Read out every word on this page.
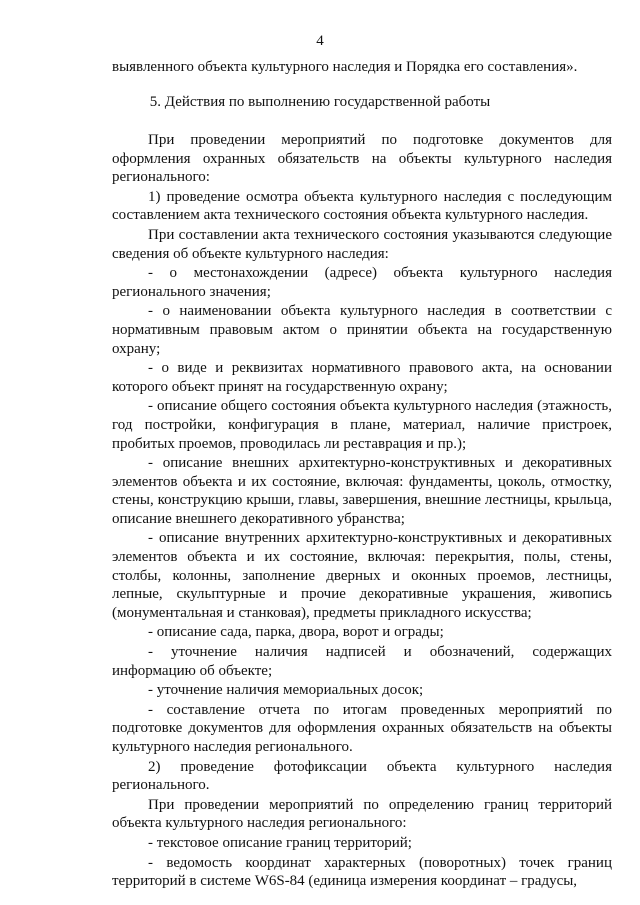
4
выявленного объекта культурного наследия и Порядка его составления».
5. Действия по выполнению государственной работы

При проведении мероприятий по подготовке документов для оформления охранных обязательств на объекты культурного наследия регионального:

1) проведение осмотра объекта культурного наследия с последующим составлением акта технического состояния объекта культурного наследия.

При составлении акта технического состояния указываются следующие сведения об объекте культурного наследия:

- о местонахождении (адресе) объекта культурного наследия регионального значения;

- о наименовании объекта культурного наследия в соответствии с нормативным правовым актом о принятии объекта на государственную охрану;

- о виде и реквизитах нормативного правового акта, на основании которого объект принят на государственную охрану;

- описание общего состояния объекта культурного наследия (этажность, год постройки, конфигурация в плане, материал, наличие пристроек, пробитых проемов, проводилась ли реставрация и пр.);

- описание внешних архитектурно-конструктивных и декоративных элементов объекта и их состояние, включая: фундаменты, цоколь, отмостку, стены, конструкцию крыши, главы, завершения, внешние лестницы, крыльца, описание внешнего декоративного убранства;

- описание внутренних архитектурно-конструктивных и декоративных элементов объекта и их состояние, включая: перекрытия, полы, стены, столбы, колонны, заполнение дверных и оконных проемов, лестницы, лепные, скульптурные и прочие декоративные украшения, живопись (монументальная и станковая), предметы прикладного искусства;

- описание сада, парка, двора, ворот и ограды;

- уточнение наличия надписей и обозначений, содержащих информацию об объекте;

- уточнение наличия мемориальных досок;

- составление отчета по итогам проведенных мероприятий по подготовке документов для оформления охранных обязательств на объекты культурного наследия регионального.

2) проведение фотофиксации объекта культурного наследия регионального.

При проведении мероприятий по определению границ территорий объекта культурного наследия регионального:

- текстовое описание границ территорий;

- ведомость координат характерных (поворотных) точек границ территорий в системе W6S-84 (единица измерения координат – градусы,
